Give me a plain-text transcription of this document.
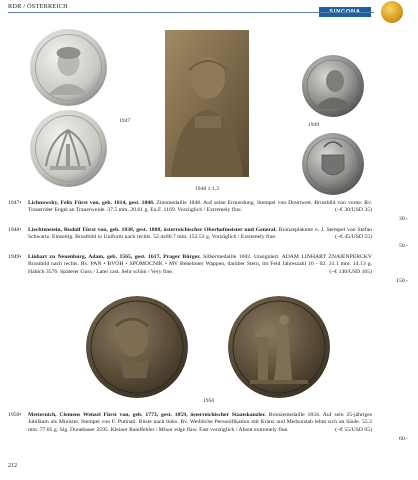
RDR / ÖSTERREICH
1947
1948 1:1,3
1949
1947•	Lichnowsky, Felix Fürst von, geb. 1814, gest. 1848. Zinnmedaille 1848. Auf seine Ermordung. Stempel von Drentwett. Brustbild von vorne. Rv. Trauernder Engel an Trauerweide. 37.5 mm. 20.61 g. Eu.F. 1169. Vorzüglich / Extremely fine.	(~€ 30/USD 35)
30.-
1948•	Liechtenstein, Rudolf Fürst von, geb. 1838, gest. 1888, österreichischer Oberhofmeister und General. Bronzeplakette o. J. Stempel von Stefan Schwartz. Einseitig. Brustbild in Uniform nach rechts. 52.4x80.7 mm. 152.53 g. Vorzüglich / Extremely fine.	(~€ 45/USD 55)
50.-
1949•	Linhart zu Neuenburg, Adam, geb. 1565, gest. 1617, Prager Bürger. Silbermedaille 1602. Unsigniert. ADAM LINHART ZNAIENPERCKV Brustbild nach rechts. Rv. PAN • BVOH • SPOMOCNIK • MV Behelmter Wappen, darüber Stern, im Feld Jahreszahl 16 - 02. 31.1 mm. 14.13 g. Habich 3576. Späterer Guss / Later cast. Sehr schön / Very fine.	(~€ 140/USD 165)
150.-
1950
1950•	Metternich, Clemens Wenzel Fürst von, geb. 1773, gest. 1859, österreichischer Staatskanzler. Bronzemedaille 1834. Auf sein 25-jähriges Jubiläum als Minister. Stempel von F. Putinati. Büste nach links. Rv. Weibliche Personifikation mit Kranz und Merkurstab lehnt sich an Säule. 55.2 mm. 77.05 g. Slg. Donebauer 3595. Kleiner Randfehler / Minor edge flaw. Fast vorzüglich / About extremely fine.	(~€ 55/USD 65)
60.-
212
